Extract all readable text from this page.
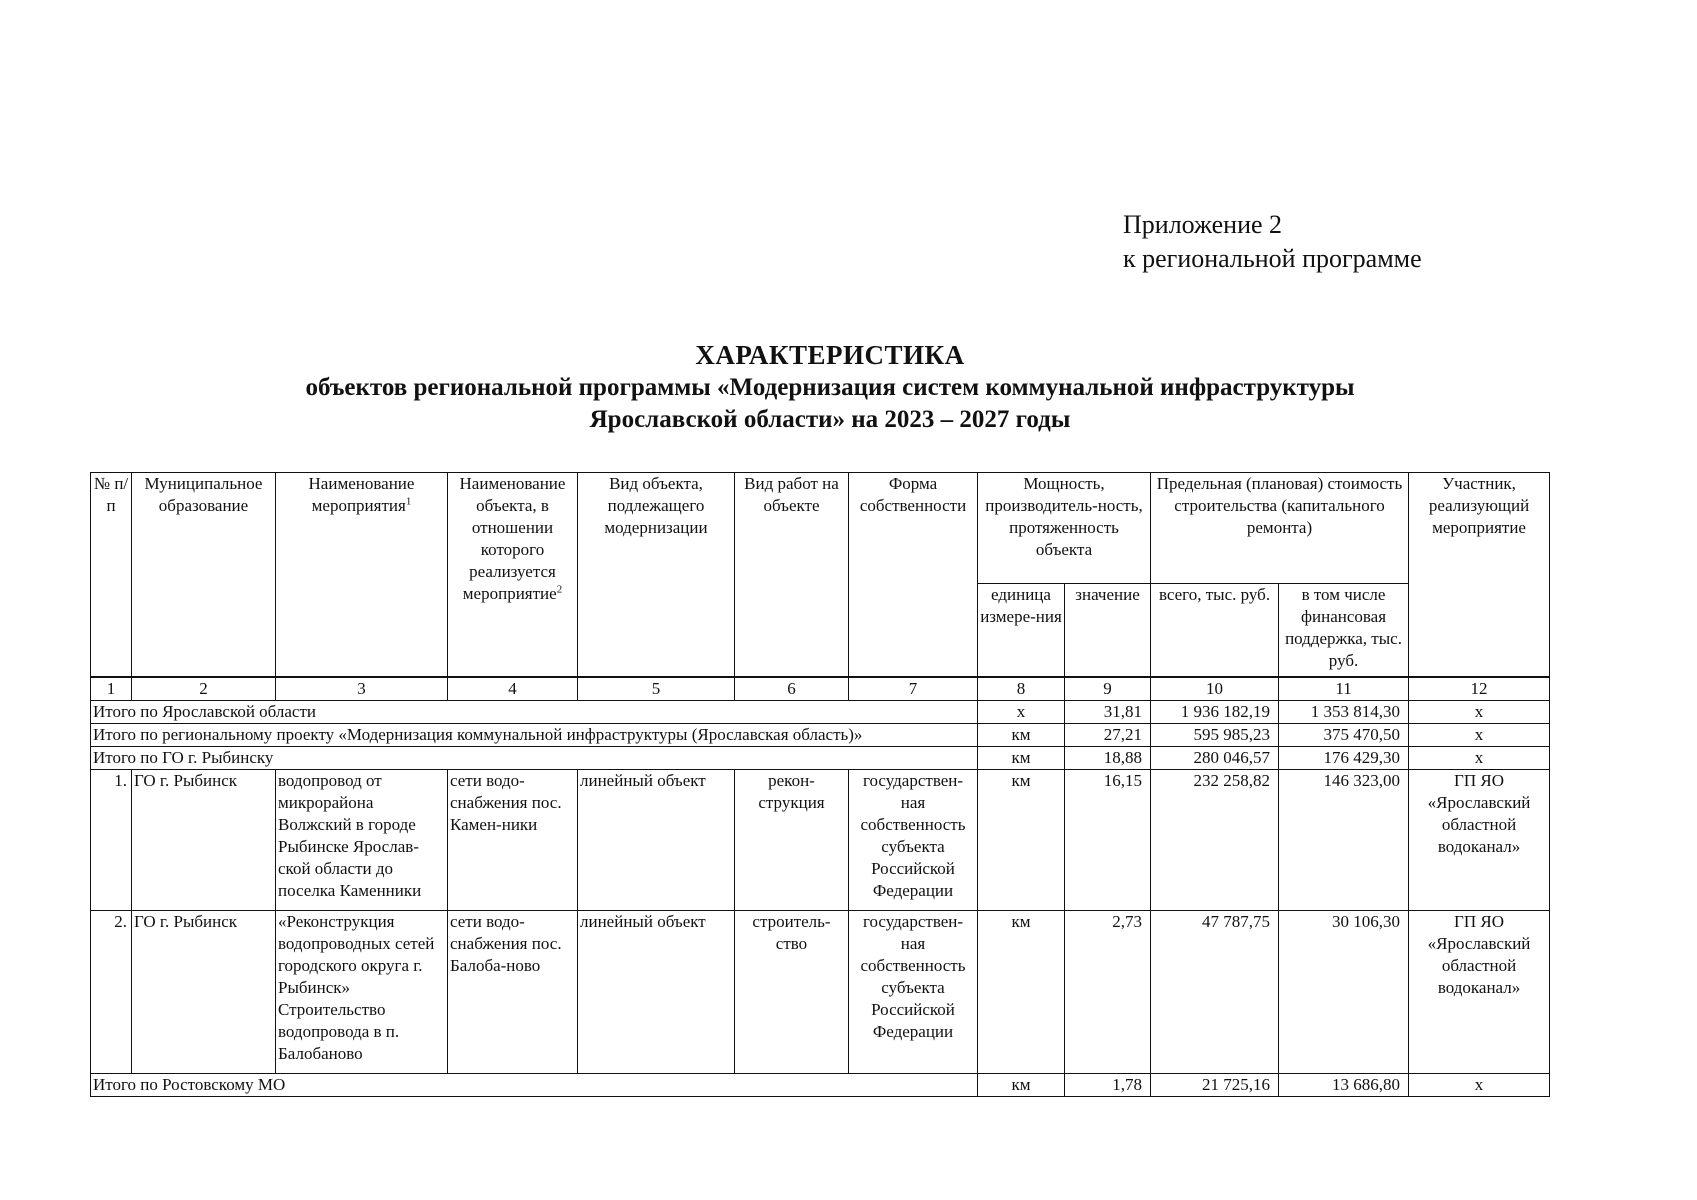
Приложение 2
к региональной программе
ХАРАКТЕРИСТИКА
объектов региональной программы «Модернизация систем коммунальной инфраструктуры
Ярославской области» на 2023 – 2027 годы
№ п/п	Муниципальное образование	Наименование мероприятия$^1$	Наименование объекта, в отношении которого реализуется мероприятие$^2$	Вид объекта, подлежащего модернизации	Вид работ на объекте	Форма собственности	Мощность, производитель-ность, протяженность объекта		Предельная (плановая) стоимость строительства (капитального ремонта)		Участник, реализующий мероприятие
							единица измере-ния	значение	всего, тыс. руб.	в том числе финансовая поддержка, тыс. руб.	
1	2	3	4	5	6	7	8	9	10	11	12
Итого по Ярославской области							х	31,81	1 936 182,19	1 353 814,30	х
Итого по региональному проекту «Модернизация коммунальной инфраструктуры (Ярославская область)»							км	27,21	595 985,23	375 470,50	х
Итого по ГО г. Рыбинску							км	18,88	280 046,57	176 429,30	х
1.	ГО г. Рыбинск	водопровод от микрорайона Волжский в городе Рыбинске Ярослав-ской области до поселка Каменники	сети водо-снабжения пос. Камен-ники	линейный объект	рекон-струкция	государствен-ная собственность субъекта Российской Федерации	км	16,15	232 258,82	146 323,00	ГП ЯО «Ярославский областной водоканал»
2.	ГО г. Рыбинск	«Реконструкция водопроводных сетей городского округа г. Рыбинск» Строительство водопровода в п. Балобаново	сети водо-снабжения пос. Балоба-ново	линейный объект	строитель-ство	государствен-ная собственность субъекта Российской Федерации	км	2,73	47 787,75	30 106,30	ГП ЯО «Ярославский областной водоканал»
Итого по Ростовскому МО							км	1,78	21 725,16	13 686,80	х
